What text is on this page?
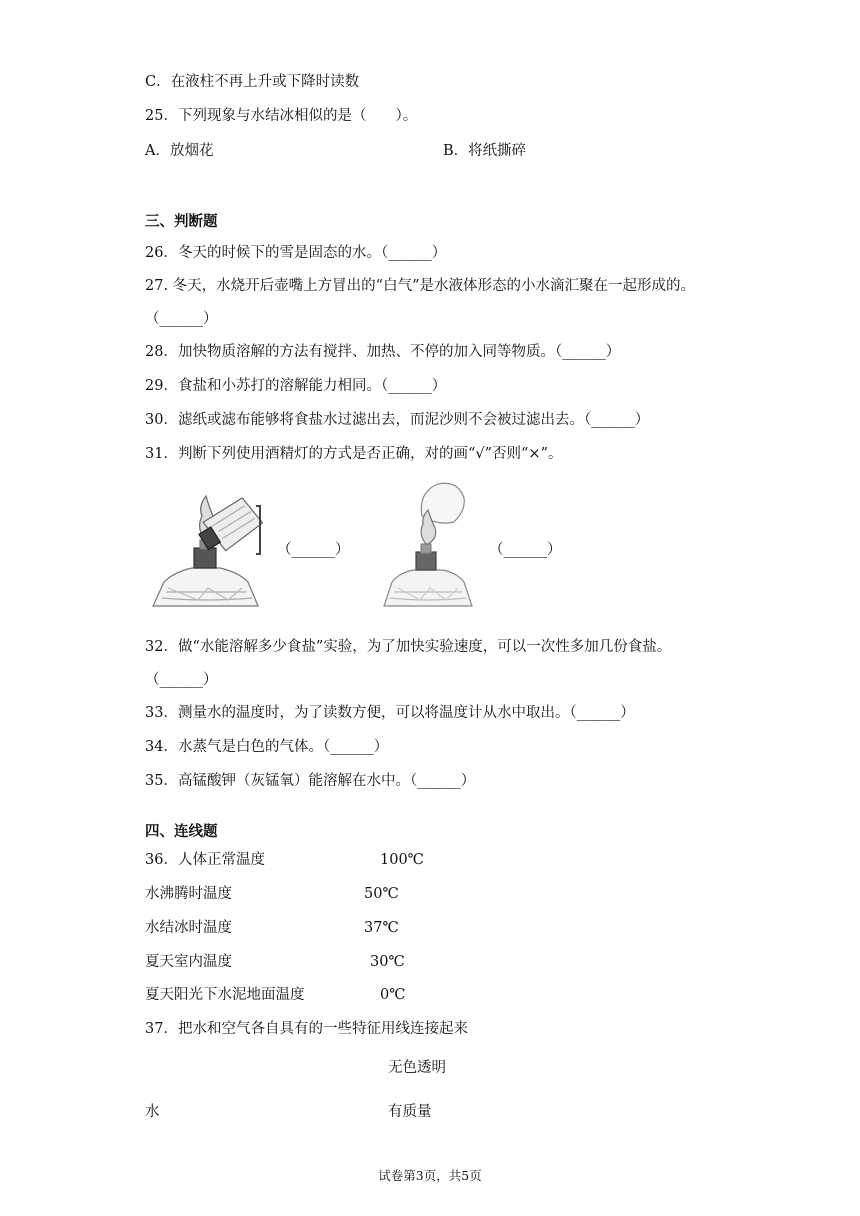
C．在液柱不再上升或下降时读数
25．下列现象与水结冰相似的是（　　）。
A．放烟花	B．将纸撕碎
三、判断题
26．冬天的时候下的雪是固态的水。（______）
27. 冬天，水烧开后壶嘴上方冒出的“白气”是水液体形态的小水滴汇聚在一起形成的。
（______）
28．加快物质溶解的方法有搅拌、加热、不停的加入同等物质。（______）
29．食盐和小苏打的溶解能力相同。（______）
30．滤纸或滤布能够将食盐水过滤出去，而泥沙则不会被过滤出去。（______）
31．判断下列使用酒精灯的方式是否正确，对的画“√”否则“×”。
（______）	（______）
32．做“水能溶解多少食盐”实验，为了加快实验速度，可以一次性多加几份食盐。
（______）
33．测量水的温度时，为了读数方便，可以将温度计从水中取出。（______）
34．水蒸气是白色的气体。（______）
35．高锰酸钾（灰锰氧）能溶解在水中。（______）
四、连线题
36．人体正常温度	100℃
水沸腾时温度	50℃
水结冰时温度	37℃
夏天室内温度	30℃
夏天阳光下水泥地面温度	0℃
37．把水和空气各自具有的一些特征用线连接起来
无色透明
水	有质量
试卷第3页，共5页
